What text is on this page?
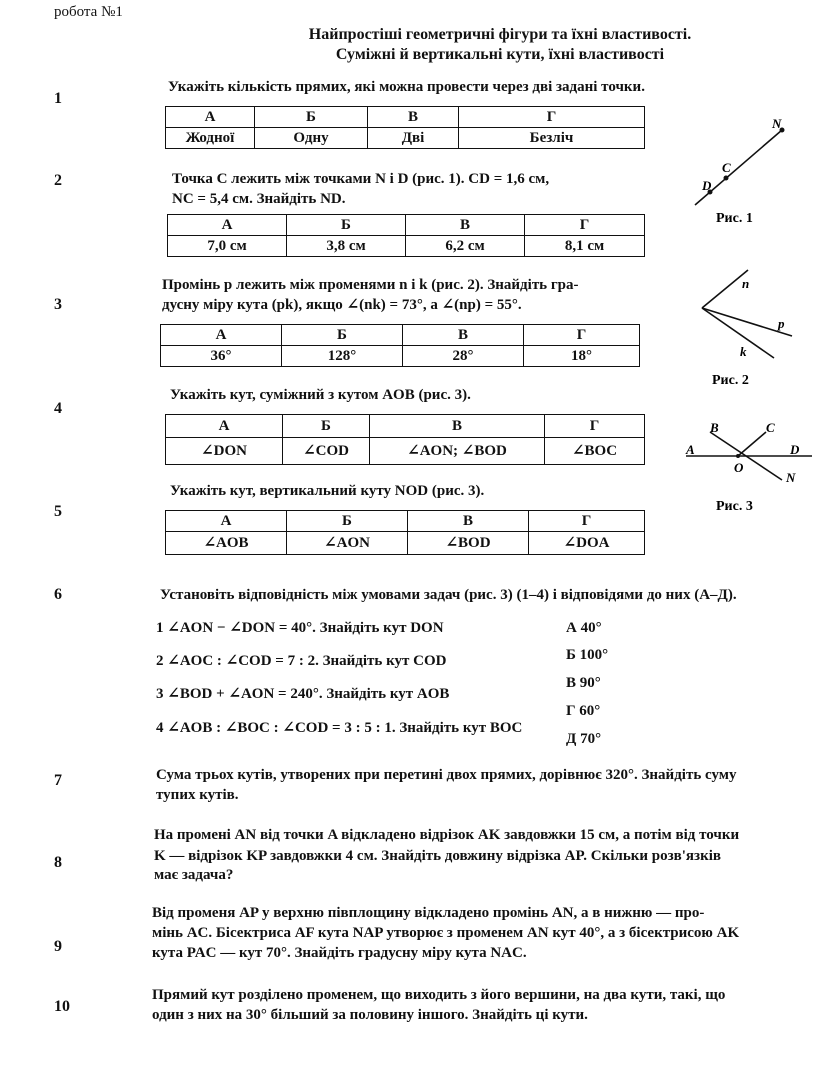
робота №1
Найпростіші геометричні фігури та їхні властивості.
Суміжні й вертикальні кути, їхні властивості
1
Укажіть кількість прямих, які можна провести через дві задані точки.
А	Б	В	Г
Жодної	Одну	Дві	Безліч
2	Точка C лежить між точками N і D (рис. 1). CD = 1,6 см,
NC = 5,4 см. Знайдіть ND.
А	Б	В	Г
7,0 см	3,8 см	6,2 см	8,1 см
3
Промінь p лежить між променями n і k (рис. 2). Знайдіть гра-
дусну міру кута (pk), якщо ∠(nk) = 73°, а ∠(np) = 55°.
А	Б	В	Г
36°	128°	28°	18°
4
Укажіть кут, суміжний з кутом AOB (рис. 3).
А	Б	В	Г
∠DON	∠COD	∠AON; ∠BOD	∠BOC
5
Укажіть кут, вертикальний куту NOD (рис. 3).
А	Б	В	Г
∠AOB	∠AON	∠BOD	∠DOA
6	Установіть відповідність між умовами задач (рис. 3) (1–4) і відповідями до них (А–Д).
1 ∠AON − ∠DON = 40°. Знайдіть кут DON
2 ∠AOC : ∠COD = 7 : 2. Знайдіть кут COD
3 ∠BOD + ∠AON = 240°. Знайдіть кут AOB
4 ∠AOB : ∠BOC : ∠COD = 3 : 5 : 1. Знайдіть кут BOC
А 40°
Б 100°
В 90°
Г 60°
Д 70°
7	Сума трьох кутів, утворених при перетині двох прямих, дорівнює 320°. Знайдіть суму
тупих кутів.
8
На промені AN від точки A відкладено відрізок AK завдовжки 15 см, а потім від точки
K — відрізок KP завдовжки 4 см. Знайдіть довжину відрізка AP. Скільки розв'язків
має задача?
9
Від променя AP у верхню півплощину відкладено промінь AN, а в нижню — про-
мінь AC. Бісектриса AF кута NAP утворює з променем AN кут 40°, а з бісектрисою AK
кута PAC — кут 70°. Знайдіть градусну міру кута NAC.
10
Прямий кут розділено променем, що виходить з його вершини, на два кути, такі, що
один з них на 30° більший за половину іншого. Знайдіть ці кути.
N
C
D
Рис. 1
n
p
k
Рис. 2
B	C
A	D
O
N
Рис. 3
